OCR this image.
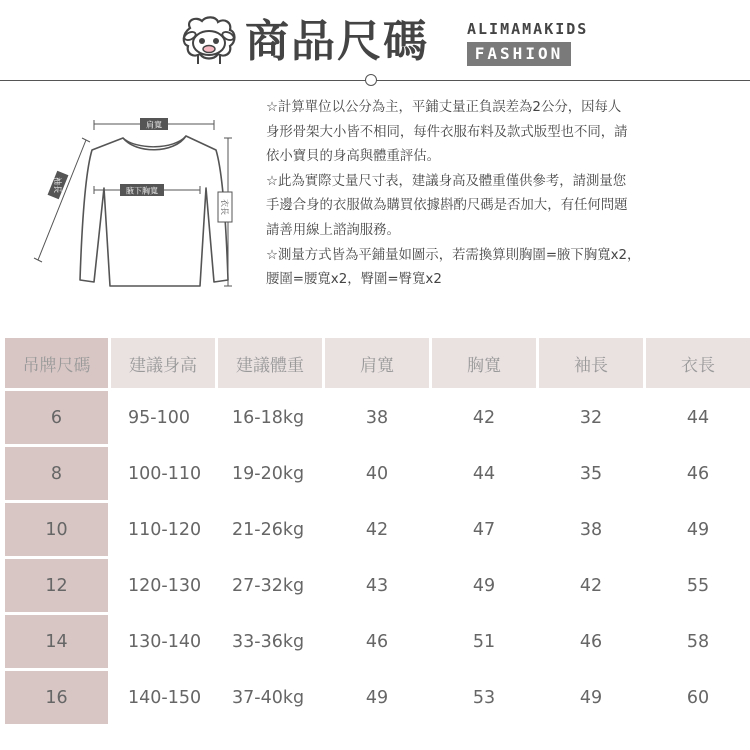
商品尺碼	ALIMAMAKIDS
FASHION
肩寬
腋下胸寬
袖長
衣長

☆計算單位以公分為主，平鋪丈量正負誤差為2公分，因每人

身形骨架大小皆不相同，每件衣服布料及款式版型也不同，請

依小寶貝的身高與體重評估。

☆此為實際丈量尺寸表，建議身高及體重僅供參考，請測量您

手邊合身的衣服做為購買依據斟酌尺碼是否加大，有任何問題

請善用線上諮詢服務。

☆測量方式皆為平鋪量如圖示，若需換算則胸圍=腋下胸寬x2，

腰圍=腰寬x2，臀圍=臀寬x2

吊牌尺碼	建議身高	建議體重	肩寬	胸寬	袖長	衣長
6	95-100	16-18kg	38	42	32	44
8	100-110	19-20kg	40	44	35	46
10	110-120	21-26kg	42	47	38	49
12	120-130	27-32kg	43	49	42	55
14	130-140	33-36kg	46	51	46	58
16	140-150	37-40kg	49	53	49	60
